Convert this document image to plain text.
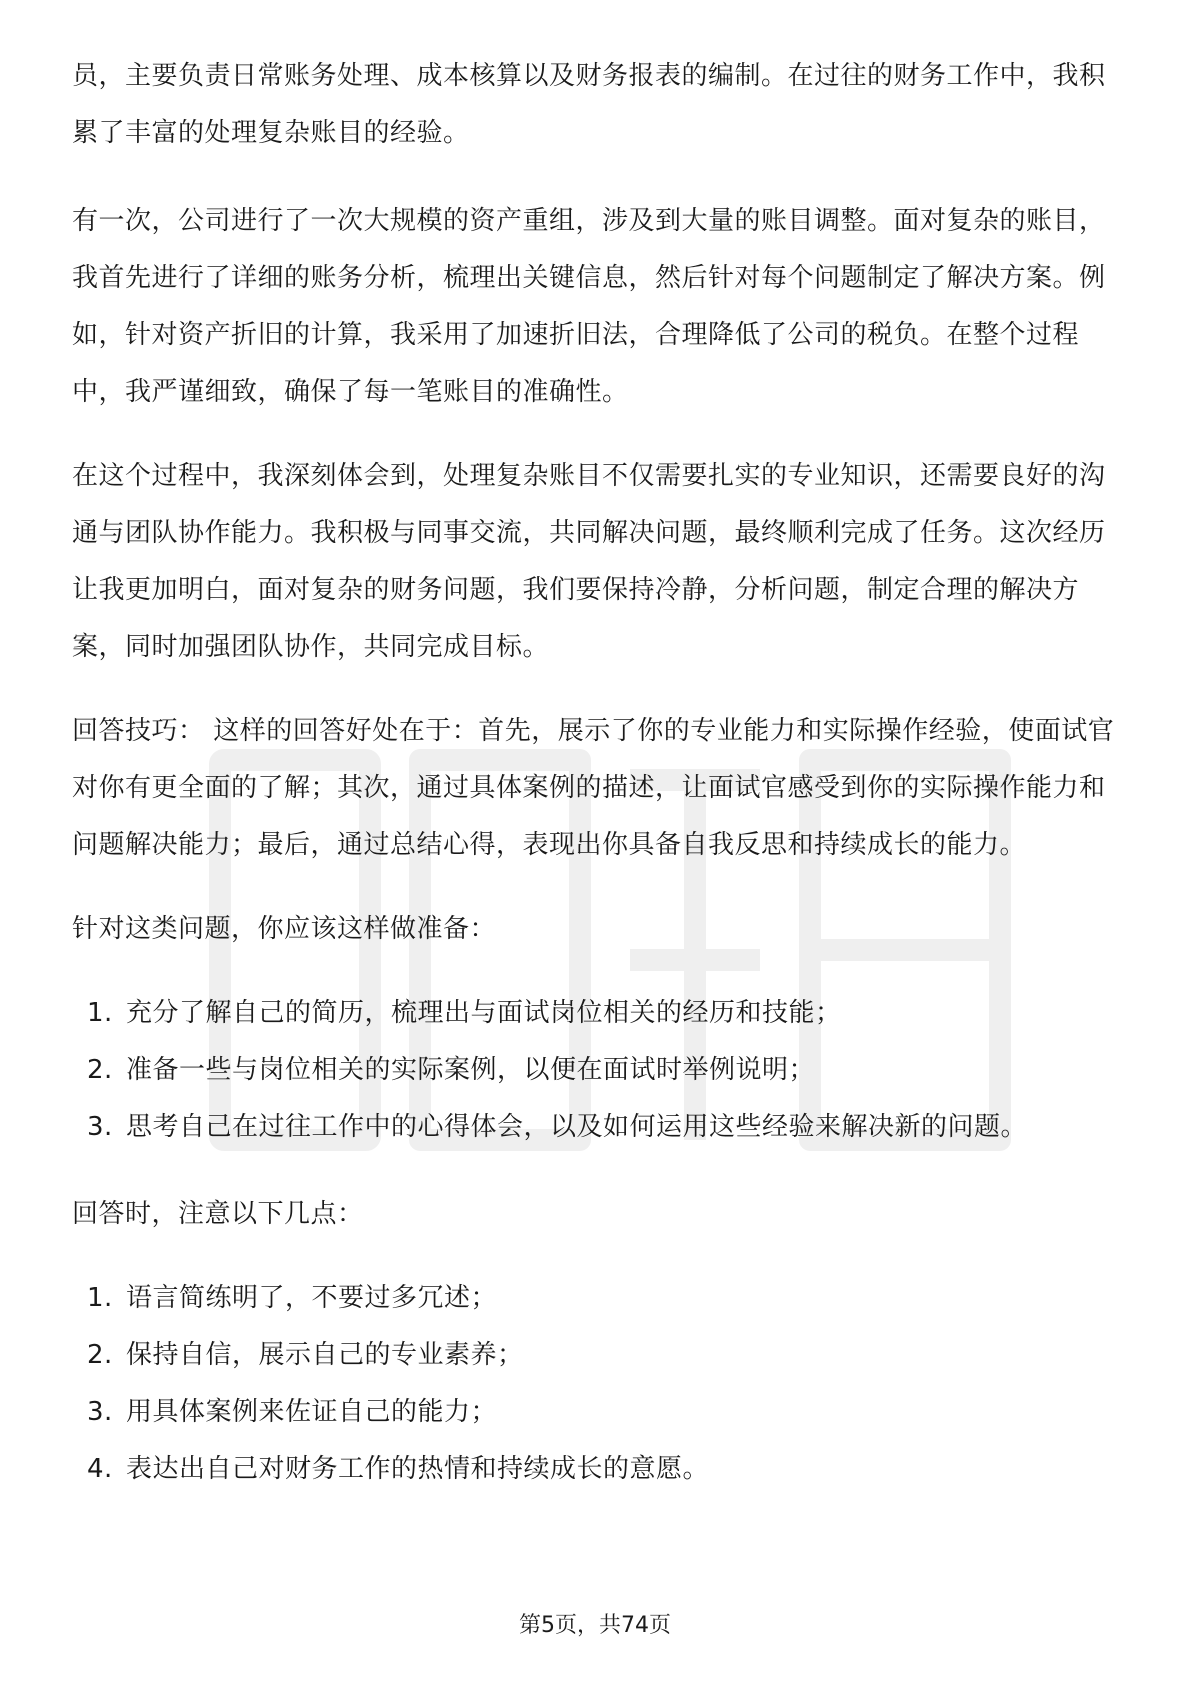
员，主要负责日常账务处理、成本核算以及财务报表的编制。在过往的财务工作中，我积累了丰富的处理复杂账目的经验。

有一次，公司进行了一次大规模的资产重组，涉及到大量的账目调整。面对复杂的账目，我首先进行了详细的账务分析，梳理出关键信息，然后针对每个问题制定了解决方案。例如，针对资产折旧的计算，我采用了加速折旧法，合理降低了公司的税负。在整个过程中，我严谨细致，确保了每一笔账目的准确性。

在这个过程中，我深刻体会到，处理复杂账目不仅需要扎实的专业知识，还需要良好的沟通与团队协作能力。我积极与同事交流，共同解决问题，最终顺利完成了任务。这次经历让我更加明白，面对复杂的财务问题，我们要保持冷静，分析问题，制定合理的解决方案，同时加强团队协作，共同完成目标。

回答技巧： 这样的回答好处在于：首先，展示了你的专业能力和实际操作经验，使面试官对你有更全面的了解；其次，通过具体案例的描述，让面试官感受到你的实际操作能力和问题解决能力；最后，通过总结心得，表现出你具备自我反思和持续成长的能力。

针对这类问题，你应该这样做准备：

1. 充分了解自己的简历，梳理出与面试岗位相关的经历和技能；
2. 准备一些与岗位相关的实际案例，以便在面试时举例说明；
3. 思考自己在过往工作中的心得体会，以及如何运用这些经验来解决新的问题。

回答时，注意以下几点：

1. 语言简练明了，不要过多冗述；
2. 保持自信，展示自己的专业素养；
3. 用具体案例来佐证自己的能力；
4. 表达出自己对财务工作的热情和持续成长的意愿。
第5页，共74页
